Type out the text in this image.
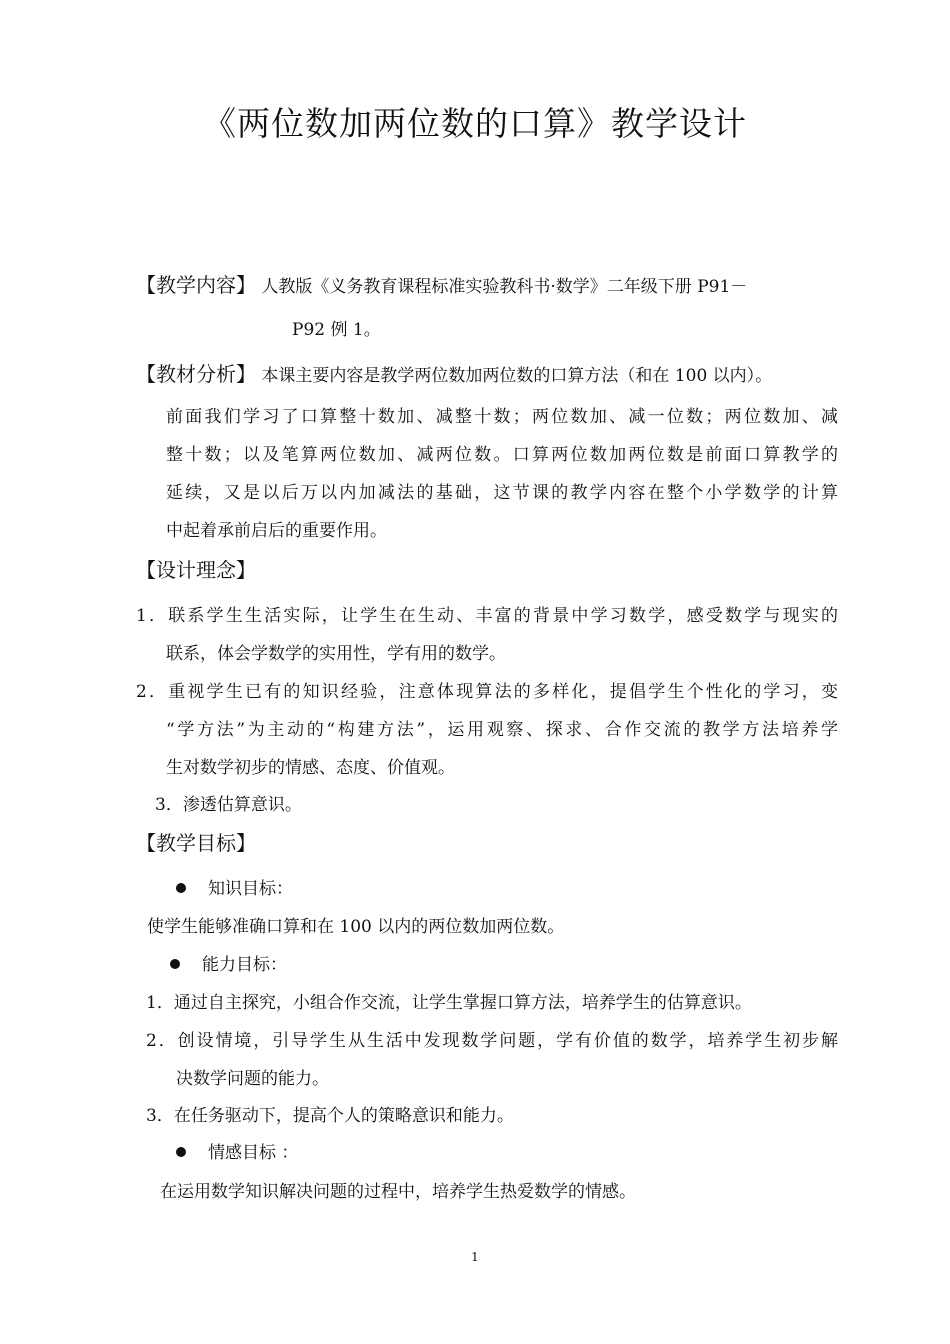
《两位数加两位数的口算》教学设计
【教学内容】 人教版《义务教育课程标准实验教科书·数学》二年级下册 P91－
P92 例 1。
【教材分析】 本课主要内容是教学两位数加两位数的口算方法（和在 100 以内）。
前面我们学习了口算整十数加、减整十数；两位数加、减一位数；两位数加、减
整十数；以及笔算两位数加、减两位数。口算两位数加两位数是前面口算教学的
延续，又是以后万以内加减法的基础，这节课的教学内容在整个小学数学的计算
中起着承前启后的重要作用。
【设计理念】
1．联系学生生活实际，让学生在生动、丰富的背景中学习数学，感受数学与现实的
联系，体会学数学的实用性，学有用的数学。
2．重视学生已有的知识经验，注意体现算法的多样化，提倡学生个性化的学习，变
“学方法”为主动的“构建方法”，运用观察、探求、合作交流的教学方法培养学
生对数学初步的情感、态度、价值观。
3．渗透估算意识。
【教学目标】
知识目标：
使学生能够准确口算和在 100 以内的两位数加两位数。
能力目标：
1．通过自主探究，小组合作交流，让学生掌握口算方法，培养学生的估算意识。
2．创设情境，引导学生从生活中发现数学问题，学有价值的数学，培养学生初步解
决数学问题的能力。
3．在任务驱动下，提高个人的策略意识和能力。
情感目标 ：
在运用数学知识解决问题的过程中，培养学生热爱数学的情感。
1
